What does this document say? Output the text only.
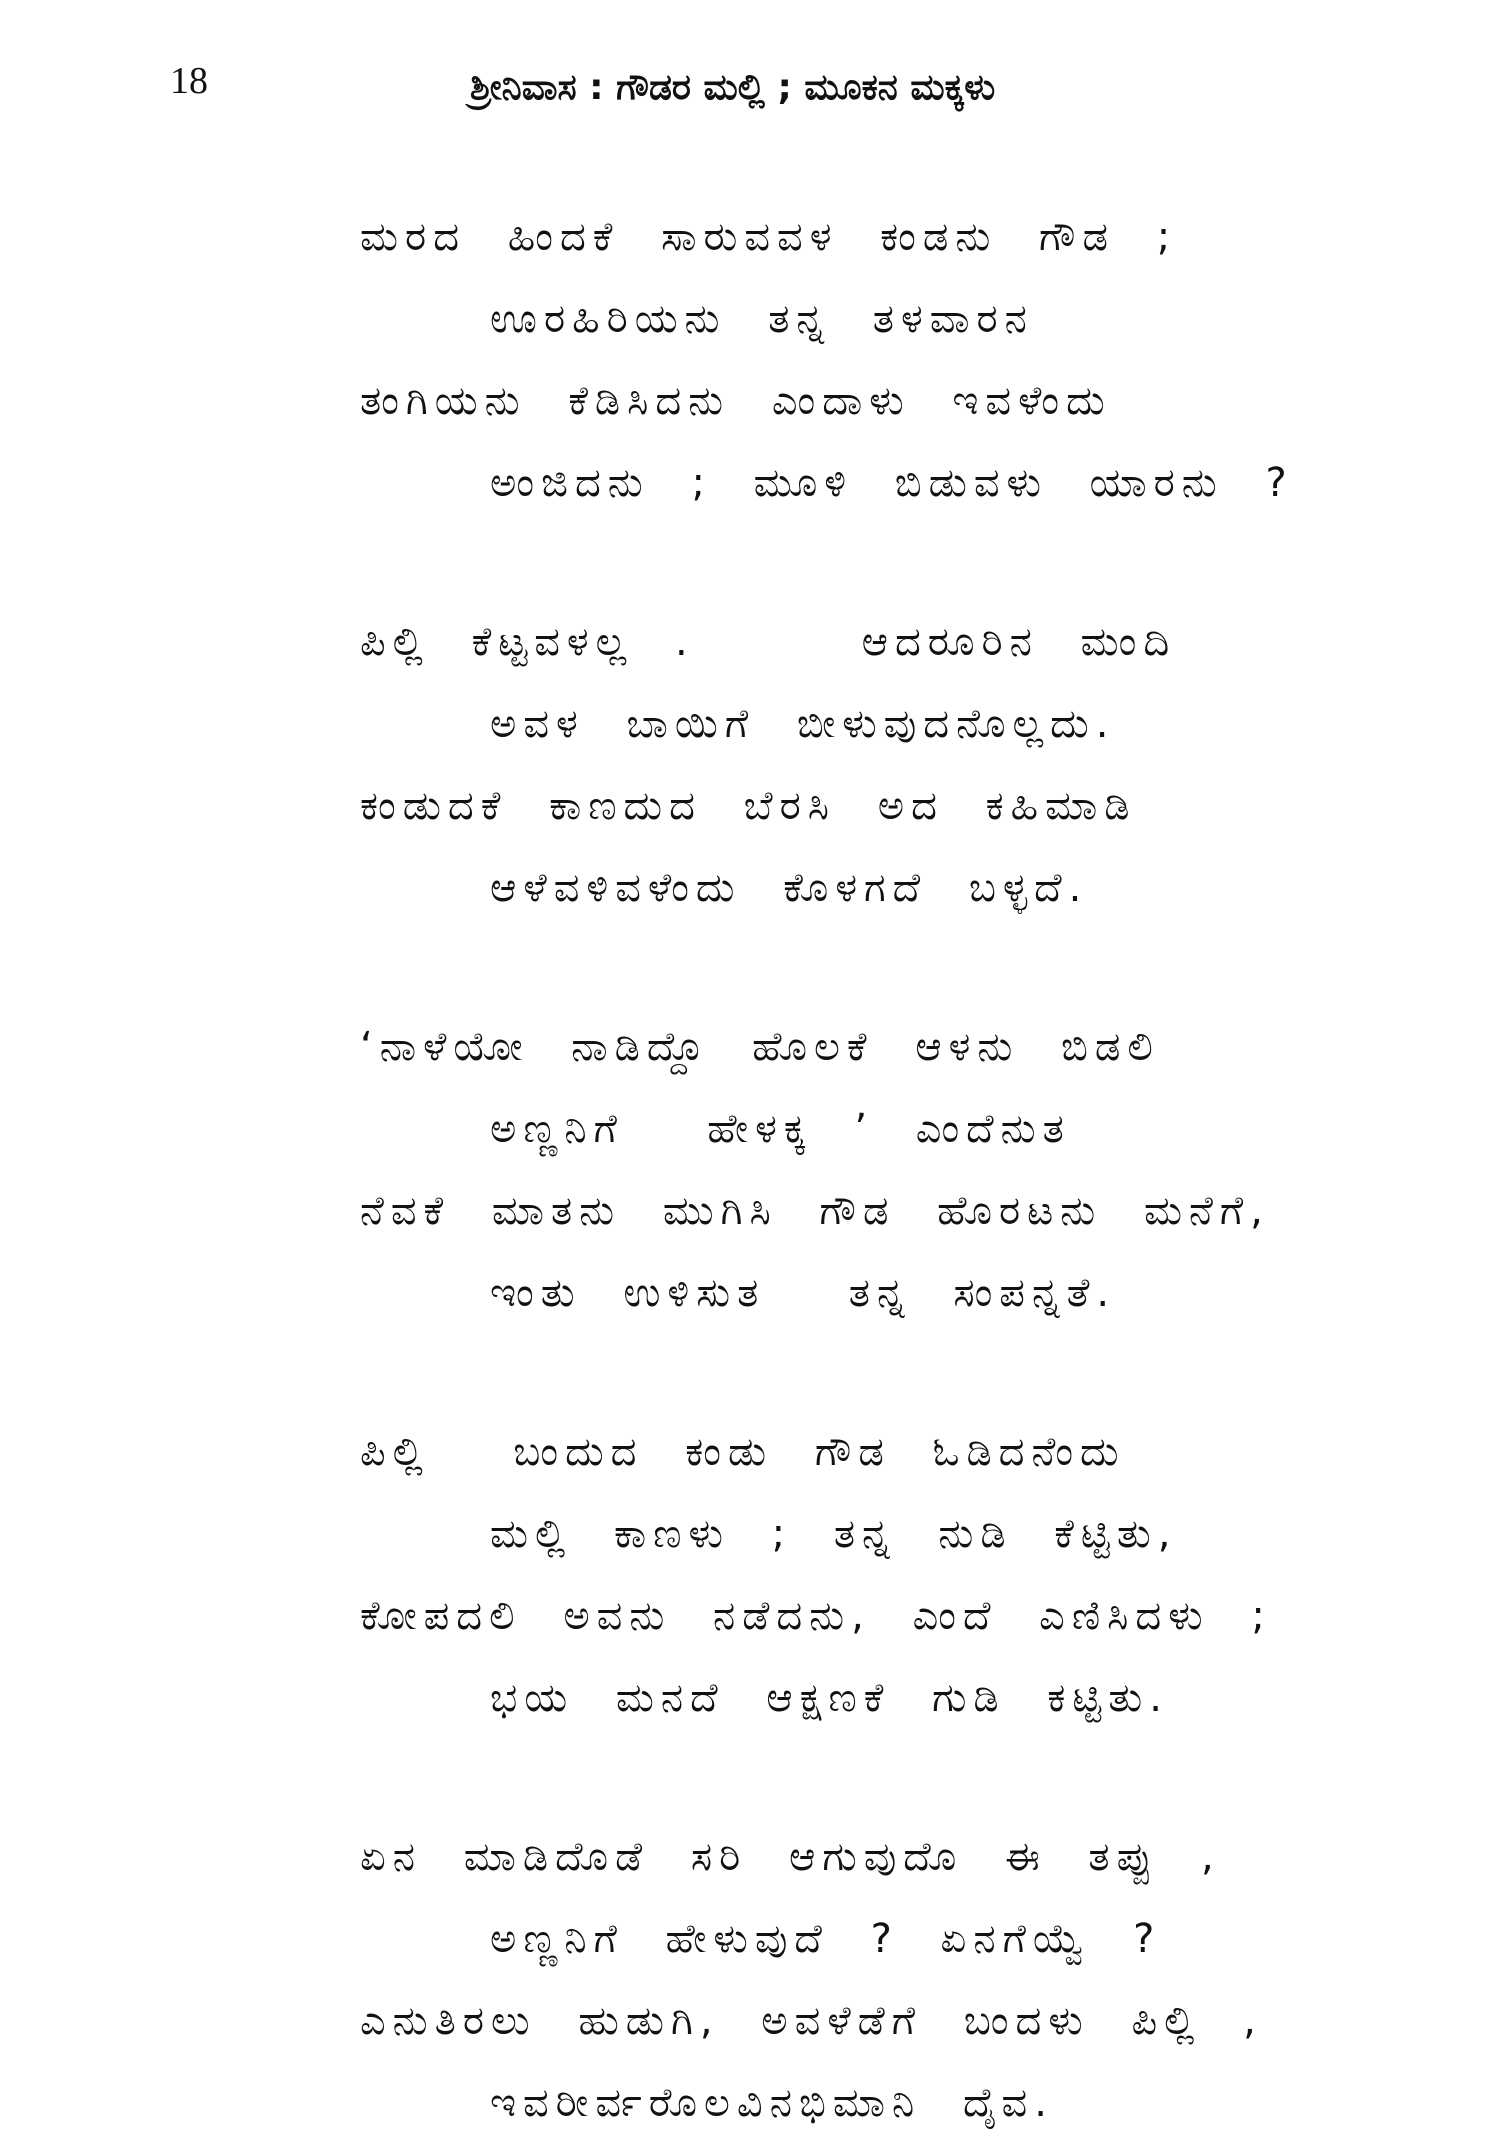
18	ಶ್ರೀನಿವಾಸ : ಗೌಡರ ಮಲ್ಲಿ ; ಮೂಕನ ಮಕ್ಕಳು
ಮರದ ಹಿಂದಕೆ ಸಾರುವವಳ ಕಂಡನು ಗೌಡ ;
ಊರಹಿರಿಯನು ತನ್ನ ತಳವಾರನ
ತಂಗಿಯನು ಕೆಡಿಸಿದನು ಎಂದಾಳು ಇವಳೆಂದು
ಅಂಜಿದನು ; ಮೂಳಿ ಬಿಡುವಳು ಯಾರನು ?
ಪಿಲ್ಲಿ ಕೆಟ್ಟವಳಲ್ಲ .    ಆದರೂರಿನ ಮಂದಿ
ಅವಳ ಬಾಯಿಗೆ ಬೀಳುವುದನೊಲ್ಲದು.
ಕಂಡುದಕೆ ಕಾಣದುದ ಬೆರಸಿ ಅದ ಕಹಿಮಾಡಿ
ಆಳೆವಳಿವಳೆಂದು ಕೊಳಗದೆ ಬಳ್ಳದೆ.
‘ನಾಳೆಯೋ ನಾಡಿದ್ದೊ ಹೊಲಕೆ ಆಳನು ಬಿಡಲಿ
ಅಣ್ಣನಿಗೆ  ಹೇಳಕ್ಕ ’ ಎಂದೆನುತ
ನೆವಕೆ ಮಾತನು ಮುಗಿಸಿ ಗೌಡ ಹೊರಟನು ಮನೆಗೆ,
ಇಂತು ಉಳಿಸುತ  ತನ್ನ ಸಂಪನ್ನತೆ.
ಪಿಲ್ಲಿ  ಬಂದುದ ಕಂಡು ಗೌಡ ಓಡಿದನೆಂದು
ಮಲ್ಲಿ ಕಾಣಳು ; ತನ್ನ ನುಡಿ ಕೆಟ್ಟಿತು,
ಕೋಪದಲಿ ಅವನು ನಡೆದನು, ಎಂದೆ ಎಣಿಸಿದಳು ;
ಭಯ ಮನದೆ ಆಕ್ಷಣಕೆ ಗುಡಿ ಕಟ್ಟಿತು.
ಏನ ಮಾಡಿದೊಡೆ ಸರಿ ಆಗುವುದೊ ಈ ತಪ್ಪು ,
ಅಣ್ಣನಿಗೆ ಹೇಳುವುದೆ ? ಏನಗೆಯ್ವೆ ?
ಎನುತಿರಲು ಹುಡುಗಿ, ಅವಳೆಡೆಗೆ ಬಂದಳು ಪಿಲ್ಲಿ ,
ಇವರೀರ್ವರೊಲವಿನಭಿಮಾನಿ ದೈವ.
